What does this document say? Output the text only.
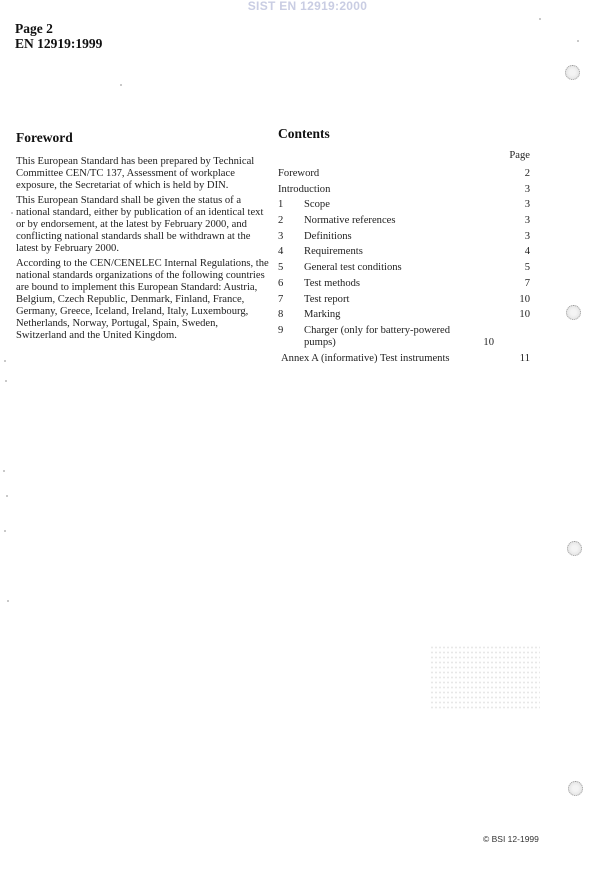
SIST EN 12919:2000
Page 2
EN 12919:1999
Foreword

This European Standard has been prepared by Technical Committee CEN/TC 137, Assessment of workplace exposure, the Secretariat of which is held by DIN.

This European Standard shall be given the status of a national standard, either by publication of an identical text or by endorsement, at the latest by February 2000, and conflicting national standards shall be withdrawn at the latest by February 2000.

According to the CEN/CENELEC Internal Regulations, the national standards organizations of the following countries are bound to implement this European Standard: Austria, Belgium, Czech Republic, Denmark, Finland, France, Germany, Greece, Iceland, Ireland, Italy, Luxembourg, Netherlands, Norway, Portugal, Spain, Sweden, Switzerland and the United Kingdom.

Contents
Page
Foreword	2
Introduction	3
1	Scope	3
2	Normative references	3
3	Definitions	3
4	Requirements	4
5	General test conditions	5
6	Test methods	7
7	Test report	10
8	Marking	10
9	Charger (only for battery-powered pumps)	10
Annex A (informative) Test instruments	11
© BSI 12-1999
